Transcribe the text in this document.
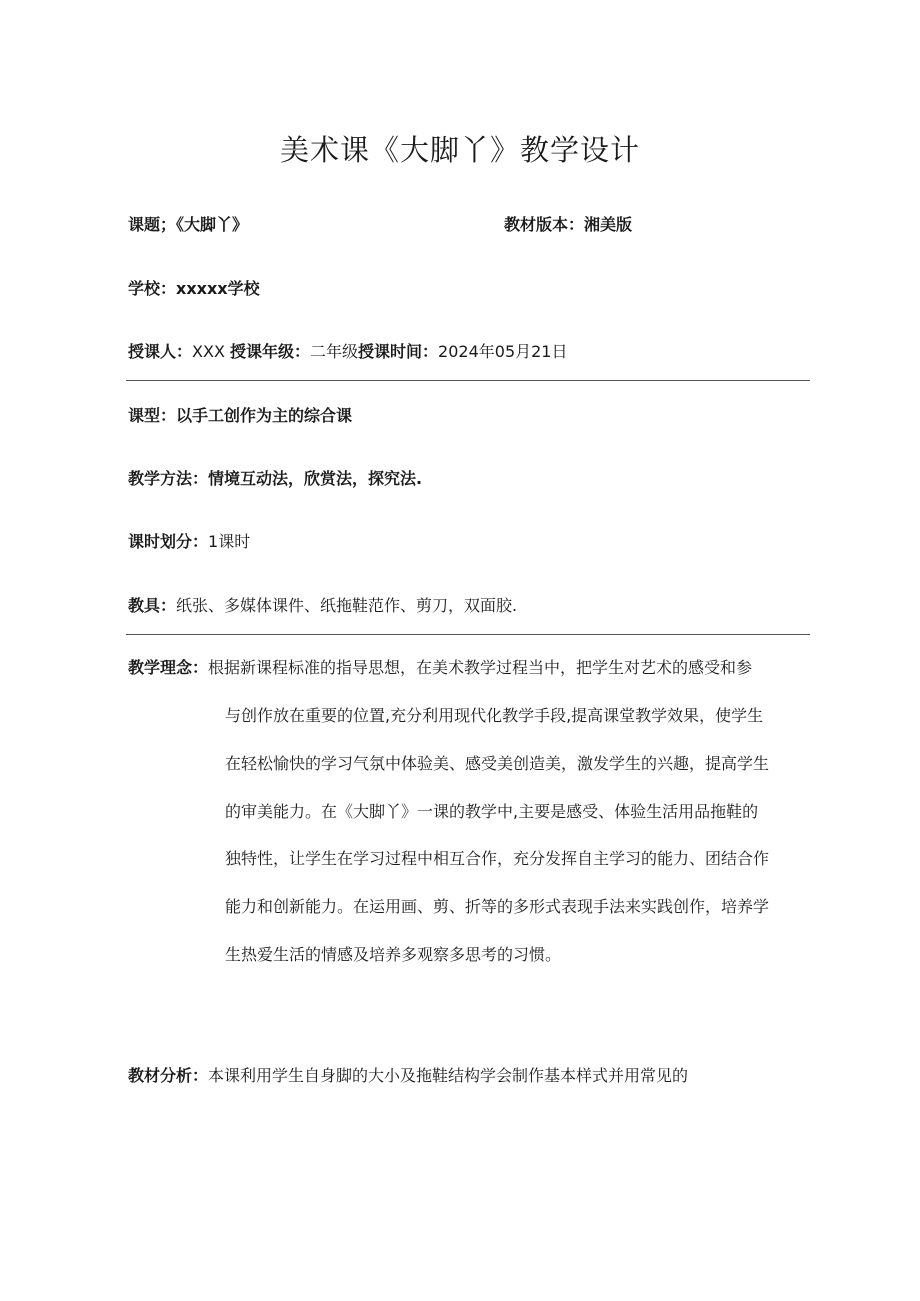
美术课《大脚丫》教学设计
课题；《大脚丫》	教材版本：湘美版
学校：xxxxx学校
授课人：XXX 授课年级：二年级授课时间：2024年05月21日
课型：以手工创作为主的综合课
教学方法：情境互动法，欣赏法，探究法.
课时划分：1课时
教具：纸张、多媒体课件、纸拖鞋范作、剪刀，双面胶.
教学理念：根据新课程标准的指导思想，在美术教学过程当中，把学生对艺术的感受和参
与创作放在重要的位置,充分利用现代化教学手段,提高课堂教学效果，使学生
在轻松愉快的学习气氛中体验美、感受美创造美，激发学生的兴趣，提高学生
的审美能力。在《大脚丫》一课的教学中,主要是感受、体验生活用品拖鞋的
独特性，让学生在学习过程中相互合作，充分发挥自主学习的能力、团结合作
能力和创新能力。在运用画、剪、折等的多形式表现手法来实践创作，培养学
生热爱生活的情感及培养多观察多思考的习惯。
教材分析：本课利用学生自身脚的大小及拖鞋结构学会制作基本样式并用常见的
